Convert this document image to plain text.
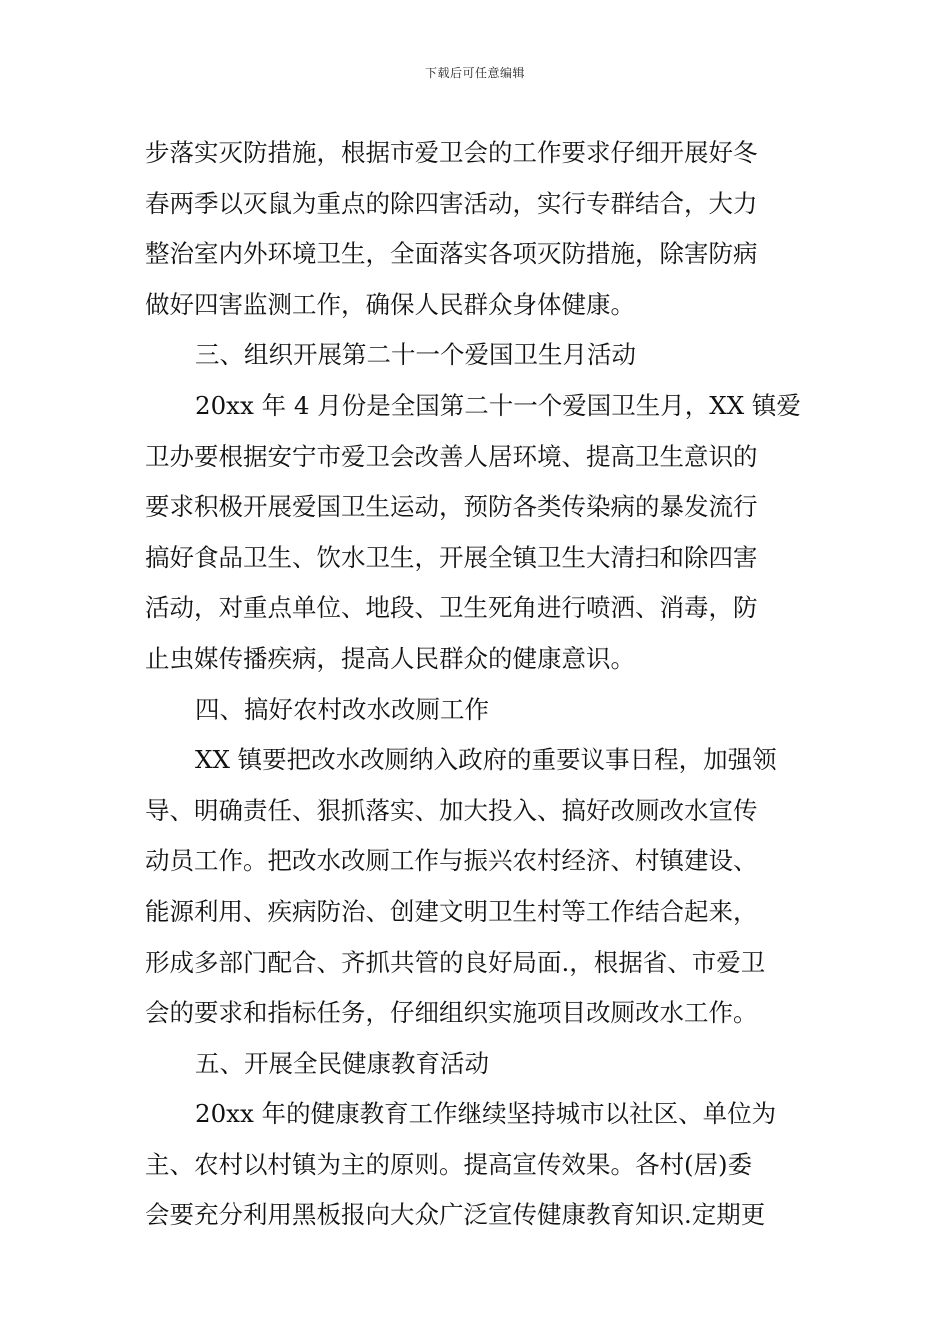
下载后可任意编辑
步落实灭防措施，根据市爱卫会的工作要求仔细开展好冬
春两季以灭鼠为重点的除四害活动，实行专群结合，大力
整治室内外环境卫生，全面落实各项灭防措施，除害防病
做好四害监测工作，确保人民群众身体健康。
三、组织开展第二十一个爱国卫生月活动
20xx 年 4 月份是全国第二十一个爱国卫生月，XX 镇爱
卫办要根据安宁市爱卫会改善人居环境、提高卫生意识的
要求积极开展爱国卫生运动，预防各类传染病的暴发流行
搞好食品卫生、饮水卫生，开展全镇卫生大清扫和除四害
活动，对重点单位、地段、卫生死角进行喷洒、消毒，防
止虫媒传播疾病，提高人民群众的健康意识。
四、搞好农村改水改厕工作
XX 镇要把改水改厕纳入政府的重要议事日程，加强领
导、明确责任、狠抓落实、加大投入、搞好改厕改水宣传
动员工作。把改水改厕工作与振兴农村经济、村镇建设、
能源利用、疾病防治、创建文明卫生村等工作结合起来，
形成多部门配合、齐抓共管的良好局面.，根据省、市爱卫
会的要求和指标任务，仔细组织实施项目改厕改水工作。
五、开展全民健康教育活动
20xx 年的健康教育工作继续坚持城市以社区、单位为
主、农村以村镇为主的原则。提高宣传效果。各村(居)委
会要充分利用黑板报向大众广泛宣传健康教育知识.定期更
